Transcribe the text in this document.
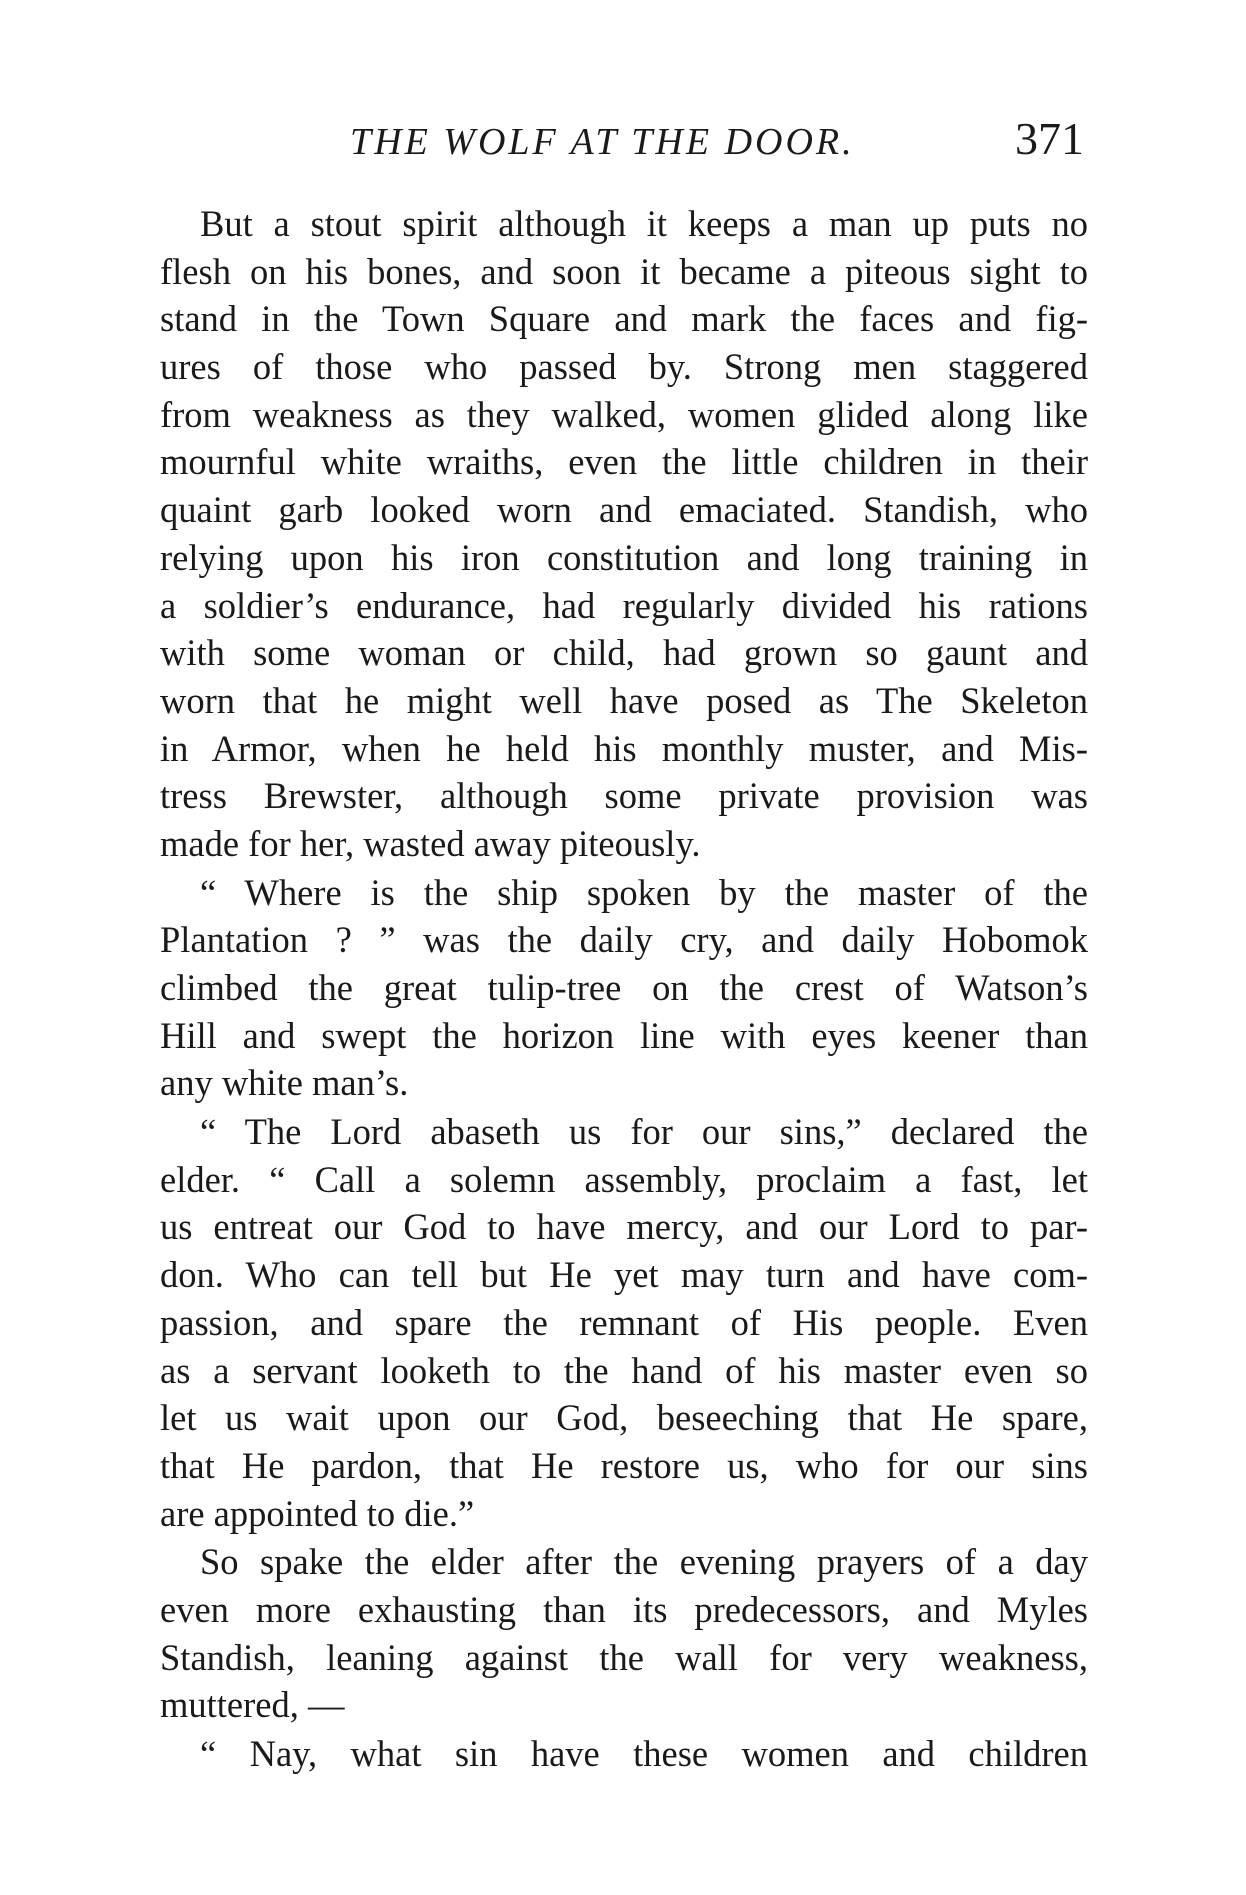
THE WOLF AT THE DOOR.	371
But a stout spirit although it keeps a man up puts no
flesh on his bones, and soon it became a piteous sight to
stand in the Town Square and mark the faces and fig-
ures of those who passed by. Strong men staggered
from weakness as they walked, women glided along like
mournful white wraiths, even the little children in their
quaint garb looked worn and emaciated. Standish, who
relying upon his iron constitution and long training in
a soldier’s endurance, had regularly divided his rations
with some woman or child, had grown so gaunt and
worn that he might well have posed as The Skeleton
in Armor, when he held his monthly muster, and Mis-
tress Brewster, although some private provision was
made for her, wasted away piteously.
“ Where is the ship spoken by the master of the
Plantation ? ” was the daily cry, and daily Hobomok
climbed the great tulip-tree on the crest of Watson’s
Hill and swept the horizon line with eyes keener than
any white man’s.
“ The Lord abaseth us for our sins,” declared the
elder. “ Call a solemn assembly, proclaim a fast, let
us entreat our God to have mercy, and our Lord to par-
don. Who can tell but He yet may turn and have com-
passion, and spare the remnant of His people. Even
as a servant looketh to the hand of his master even so
let us wait upon our God, beseeching that He spare,
that He pardon, that He restore us, who for our sins
are appointed to die.”
So spake the elder after the evening prayers of a day
even more exhausting than its predecessors, and Myles
Standish, leaning against the wall for very weakness,
muttered, —
“ Nay, what sin have these women and children
